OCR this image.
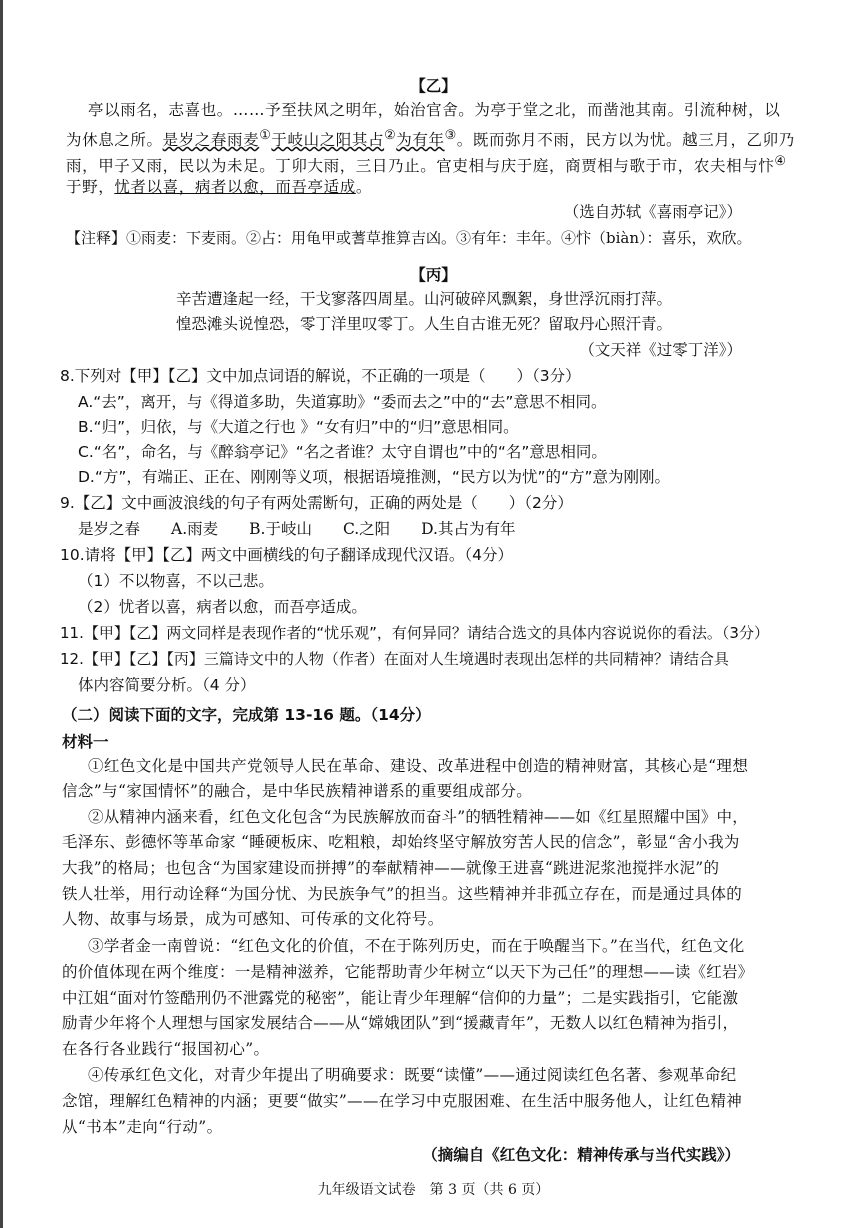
【乙】
亭以雨名，志喜也。……予至扶风之明年，始治官舍。为亭于堂之北，而凿池其南。引流种树，以
为休息之所。是岁之春雨麦①于岐山之阳其占②为有年③。既而弥月不雨，民方以为忧。越三月，乙卯乃
雨，甲子又雨，民以为未足。丁卯大雨，三日乃止。官吏相与庆于庭，商贾相与歌于市，农夫相与忭④
于野，忧者以喜，病者以愈，而吾亭适成。
（选自苏轼《喜雨亭记》）
【注释】①雨麦：下麦雨。②占：用龟甲或蓍草推算吉凶。③有年：丰年。④忭（biàn）：喜乐，欢欣。
【丙】
辛苦遭逢起一经，干戈寥落四周星。山河破碎风飘絮，身世浮沉雨打萍。
惶恐滩头说惶恐，零丁洋里叹零丁。人生自古谁无死？留取丹心照汗青。
（文天祥《过零丁洋》）
8.下列对【甲】【乙】文中加点词语的解说，不正确的一项是（　　）（3分）
A.“去”，离开，与《得道多助，失道寡助》“委而去之”中的“去”意思不相同。
B.“归”，归依，与《大道之行也 》“女有归”中的“归”意思相同。
C.“名”，命名，与《醉翁亭记》“名之者谁？太守自谓也”中的“名”意思相同。
D.“方”，有端正、正在、刚刚等义项，根据语境推测，“民方以为忧”的“方”意为刚刚。
9.【乙】文中画波浪线的句子有两处需断句，正确的两处是（　　）（2分）
是岁之春　　A.雨麦　　B.于岐山　　C.之阳　　D.其占为有年
10.请将【甲】【乙】两文中画横线的句子翻译成现代汉语。（4分）
（1）不以物喜，不以己悲。
（2）忧者以喜，病者以愈，而吾亭适成。
11.【甲】【乙】两文同样是表现作者的“忧乐观”，有何异同？请结合选文的具体内容说说你的看法。（3分）
12.【甲】【乙】【丙】三篇诗文中的人物（作者）在面对人生境遇时表现出怎样的共同精神？请结合具
体内容简要分析。（4 分）
（二）阅读下面的文字，完成第 13-16 题。（14分）
材料一
①红色文化是中国共产党领导人民在革命、建设、改革进程中创造的精神财富，其核心是“理想
信念”与“家国情怀”的融合，是中华民族精神谱系的重要组成部分。
②从精神内涵来看，红色文化包含“为民族解放而奋斗”的牺牲精神——如《红星照耀中国》中，
毛泽东、彭德怀等革命家 “睡硬板床、吃粗粮，却始终坚守解放穷苦人民的信念”，彰显“舍小我为
大我”的格局；也包含“为国家建设而拼搏”的奉献精神——就像王进喜“跳进泥浆池搅拌水泥”的
铁人壮举，用行动诠释“为国分忧、为民族争气”的担当。这些精神并非孤立存在，而是通过具体的
人物、故事与场景，成为可感知、可传承的文化符号。
③学者金一南曾说：“红色文化的价值，不在于陈列历史，而在于唤醒当下。”在当代，红色文化
的价值体现在两个维度：一是精神滋养，它能帮助青少年树立“以天下为己任”的理想——读《红岩》
中江姐“面对竹签酷刑仍不泄露党的秘密”，能让青少年理解“信仰的力量”；二是实践指引，它能激
励青少年将个人理想与国家发展结合——从“嫦娥团队”到“援藏青年”，无数人以红色精神为指引，
在各行各业践行“报国初心”。
④传承红色文化，对青少年提出了明确要求：既要“读懂”——通过阅读红色名著、参观革命纪
念馆，理解红色精神的内涵；更要“做实”——在学习中克服困难、在生活中服务他人，让红色精神
从“书本”走向“行动”。
（摘编自《红色文化：精神传承与当代实践》）
九年级语文试卷　第 3 页（共 6 页）
